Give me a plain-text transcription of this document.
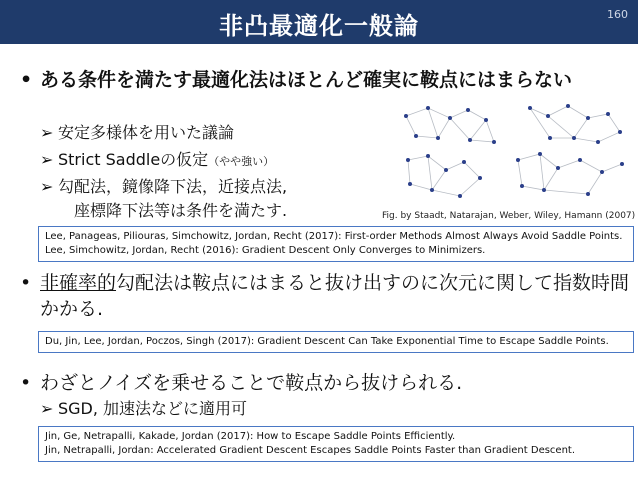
非凸最適化一般論	160
• ある条件を満たす最適化法はほとんど確実に鞍点にはまらない
➢ 安定多様体を用いた議論
➢ Strict Saddleの仮定（やや強い）
➢ 勾配法，鏡像降下法，近接点法,
座標降下法等は条件を満たす.	Fig. by Staadt, Natarajan, Weber, Wiley, Hamann (2007)
Lee, Panageas, Piliouras, Simchowitz, Jordan, Recht (2017): First-order Methods Almost Always Avoid Saddle Points.
Lee, Simchowitz, Jordan, Recht (2016): Gradient Descent Only Converges to Minimizers.
• 非確率的勾配法は鞍点にはまると抜け出すのに次元に関して指数時間かかる.
Du, Jin, Lee, Jordan, Poczos, Singh (2017): Gradient Descent Can Take Exponential Time to Escape Saddle Points.
• わざとノイズを乗せることで鞍点から抜けられる.
➢ SGD, 加速法などに適用可
Jin, Ge, Netrapalli, Kakade, Jordan (2017): How to Escape Saddle Points Efficiently.
Jin, Netrapalli, Jordan: Accelerated Gradient Descent Escapes Saddle Points Faster than Gradient Descent.
